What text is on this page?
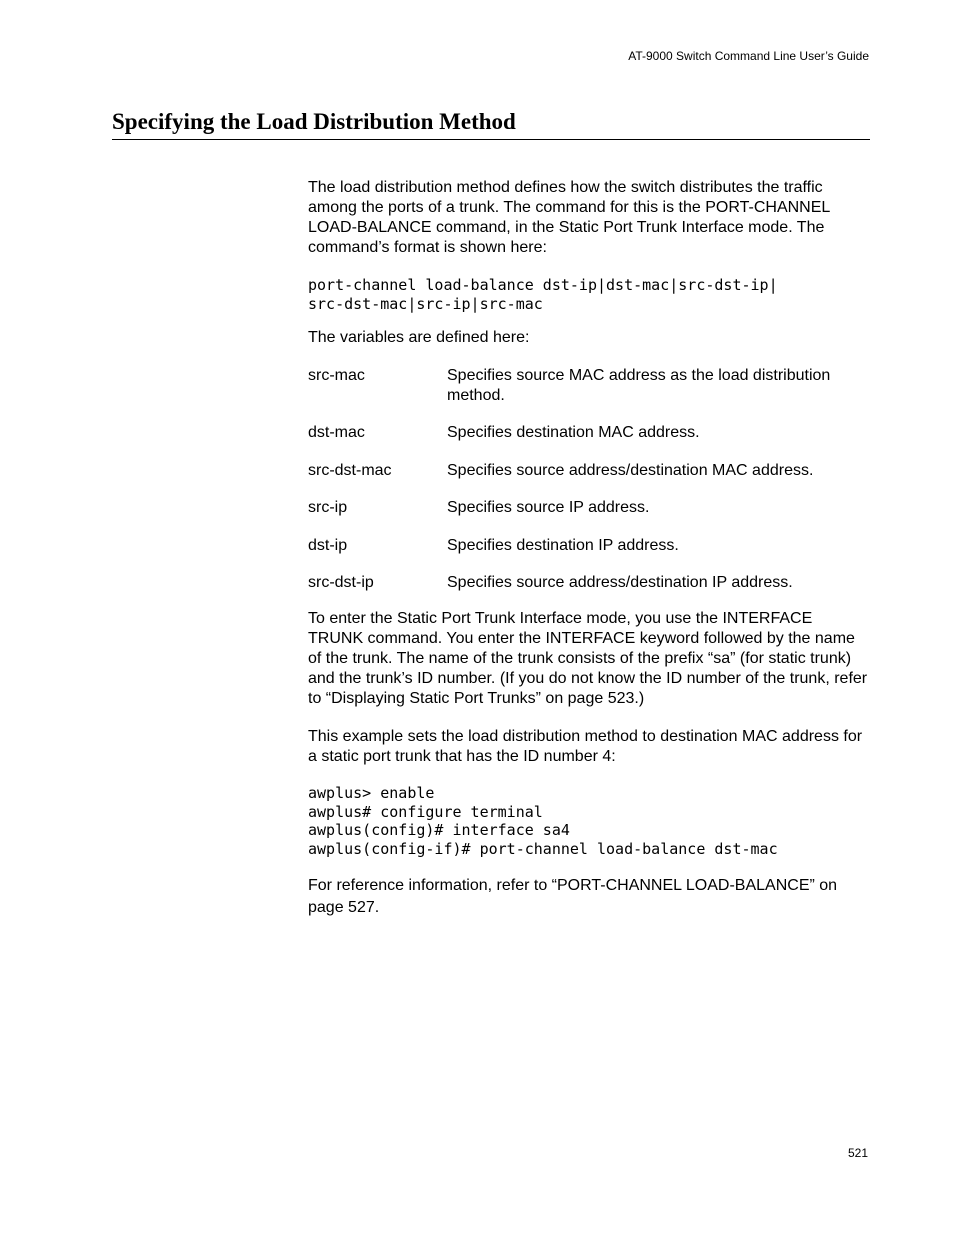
AT-9000 Switch Command Line User’s Guide
Specifying the Load Distribution Method

The load distribution method defines how the switch distributes the traffic among the ports of a trunk. The command for this is the PORT-CHANNEL LOAD-BALANCE command, in the Static Port Trunk Interface mode. The command’s format is shown here:

port-channel load-balance dst-ip|dst-mac|src-dst-ip|
src-dst-mac|src-ip|src-mac

The variables are defined here:

src-mac	Specifies source MAC address as the load distribution method.
dst-mac	Specifies destination MAC address.
src-dst-mac	Specifies source address/destination MAC address.
src-ip	Specifies source IP address.
dst-ip	Specifies destination IP address.
src-dst-ip	Specifies source address/destination IP address.

To enter the Static Port Trunk Interface mode, you use the INTERFACE TRUNK command. You enter the INTERFACE keyword followed by the name of the trunk. The name of the trunk consists of the prefix “sa” (for static trunk) and the trunk’s ID number. (If you do not know the ID number of the trunk, refer to “Displaying Static Port Trunks” on page 523.)

This example sets the load distribution method to destination MAC address for a static port trunk that has the ID number 4:

awplus> enable
awplus# configure terminal
awplus(config)# interface sa4
awplus(config-if)# port-channel load-balance dst-mac

For reference information, refer to “PORT-CHANNEL LOAD-BALANCE” on page 527.

521
